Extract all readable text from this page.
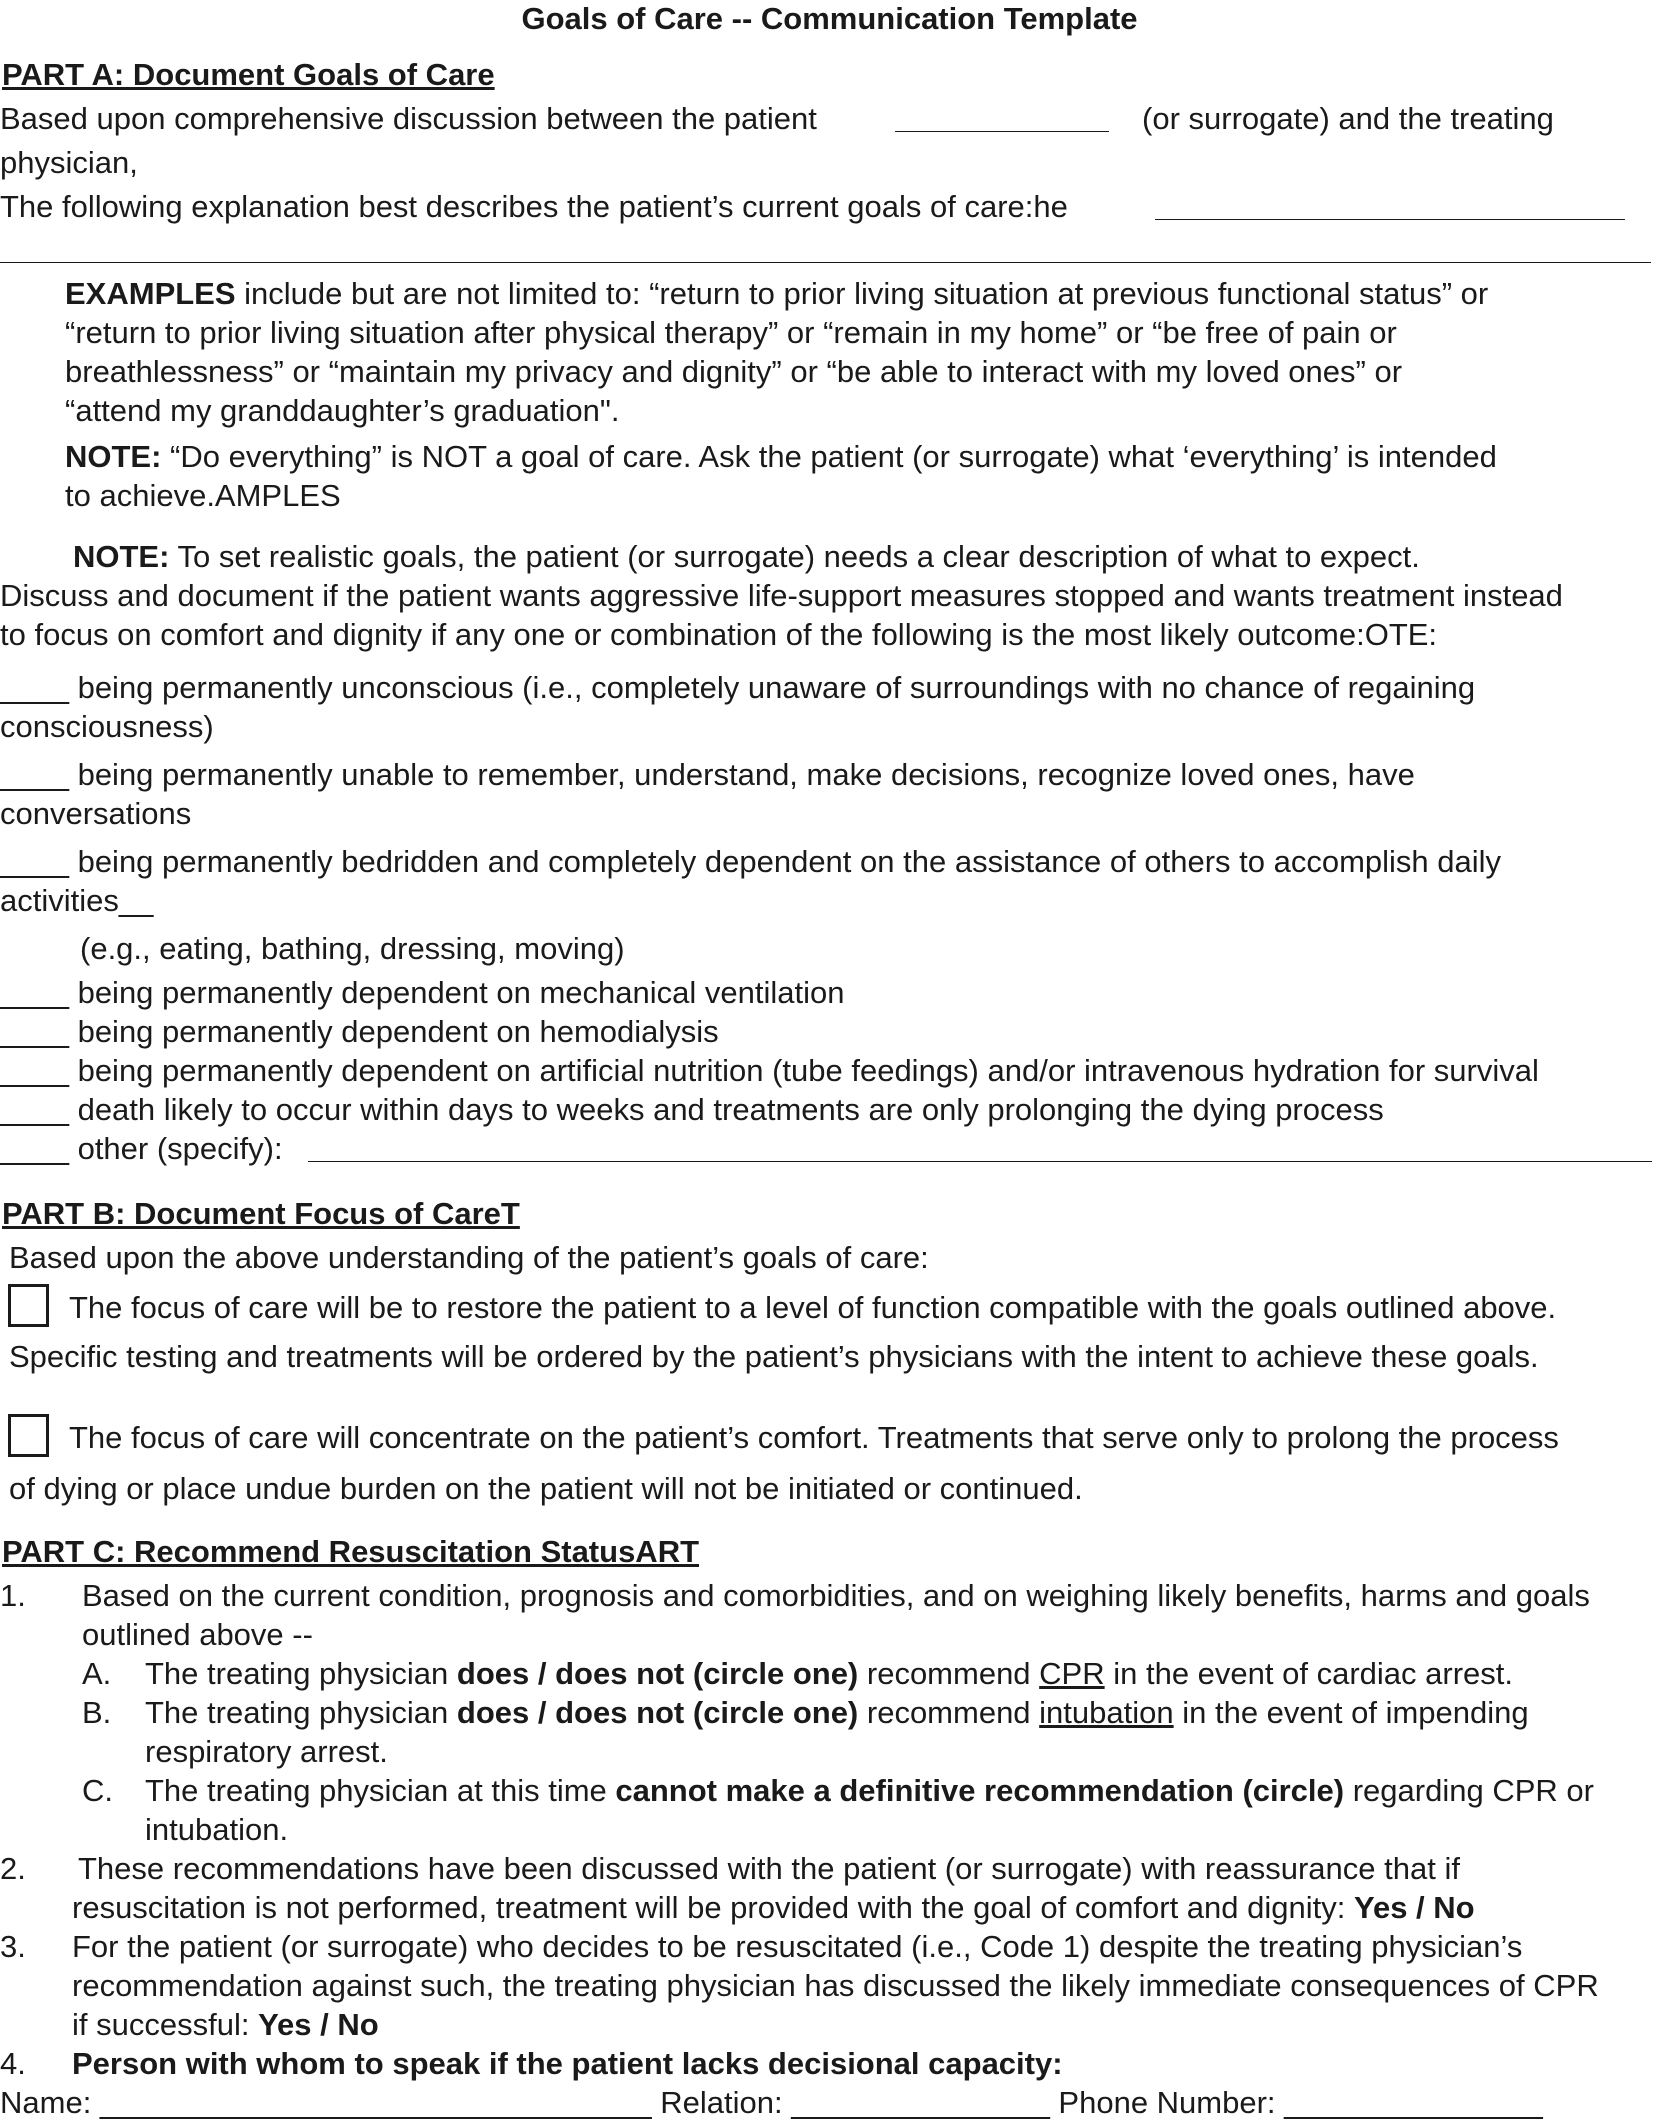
Goals of Care -- Communication Template
PART A: Document Goals of Care
Based upon comprehensive discussion between the patient	(or surrogate) and the treating
physician,
The following explanation best describes the patient’s current goals of care:he
EXAMPLES include but are not limited to: “return to prior living situation at previous functional status” or
“return to prior living situation after physical therapy” or “remain in my home” or “be free of pain or
breathlessness” or “maintain my privacy and dignity” or “be able to interact with my loved ones” or
“attend my granddaughter’s graduation".
NOTE: “Do everything” is NOT a goal of care. Ask the patient (or surrogate) what ‘everything’ is intended
to achieve.AMPLES
NOTE: To set realistic goals, the patient (or surrogate) needs a clear description of what to expect.
Discuss and document if the patient wants aggressive life-support measures stopped and wants treatment instead
to focus on comfort and dignity if any one or combination of the following is the most likely outcome:OTE:
____ being permanently unconscious (i.e., completely unaware of surroundings with no chance of regaining
consciousness)
____ being permanently unable to remember, understand, make decisions, recognize loved ones, have
conversations
____ being permanently bedridden and completely dependent on the assistance of others to accomplish daily
activities__
(e.g., eating, bathing, dressing, moving)
____ being permanently dependent on mechanical ventilation
____ being permanently dependent on hemodialysis
____ being permanently dependent on artificial nutrition (tube feedings) and/or intravenous hydration for survival
____ death likely to occur within days to weeks and treatments are only prolonging the dying process
____ other (specify):
PART B: Document Focus of CareT
Based upon the above understanding of the patient’s goals of care:
The focus of care will be to restore the patient to a level of function compatible with the goals outlined above.
Specific testing and treatments will be ordered by the patient’s physicians with the intent to achieve these goals.
The focus of care will concentrate on the patient’s comfort. Treatments that serve only to prolong the process
of dying or place undue burden on the patient will not be initiated or continued.
PART C: Recommend Resuscitation StatusART
1. Based on the current condition, prognosis and comorbidities, and on weighing likely benefits, harms and goals
outlined above --
A. The treating physician does / does not (circle one) recommend CPR in the event of cardiac arrest.
B. The treating physician does / does not (circle one) recommend intubation in the event of impending
respiratory arrest.
C. The treating physician at this time cannot make a definitive recommendation (circle) regarding CPR or
intubation.
2. These recommendations have been discussed with the patient (or surrogate) with reassurance that if
resuscitation is not performed, treatment will be provided with the goal of comfort and dignity: Yes / No
3. For the patient (or surrogate) who decides to be resuscitated (i.e., Code 1) despite the treating physician’s
recommendation against such, the treating physician has discussed the likely immediate consequences of CPR
if successful: Yes / No
4. Person with whom to speak if the patient lacks decisional capacity:
Name: ________________________________ Relation: _______________ Phone Number: _______________
